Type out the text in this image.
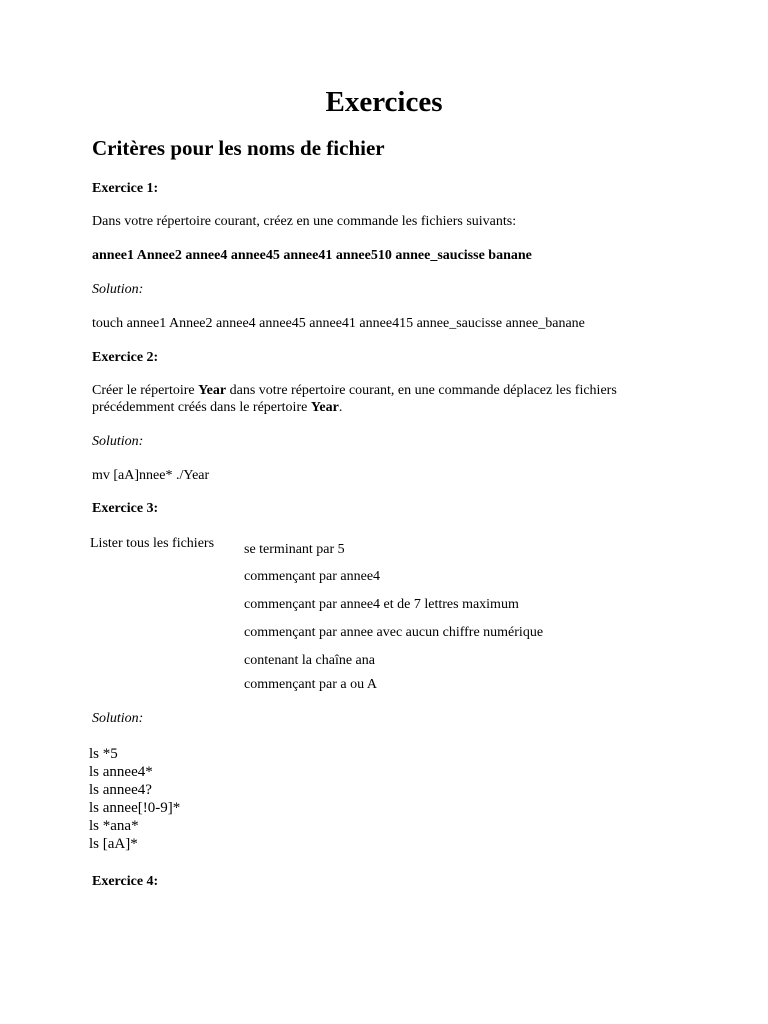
Exercices
Critères pour les noms de fichier
Exercice 1:
Dans votre répertoire courant, créez en une commande les fichiers suivants:
annee1 Annee2 annee4 annee45 annee41 annee510 annee_saucisse banane
Solution:
touch annee1 Annee2 annee4 annee45 annee41 annee415 annee_saucisse annee_banane
Exercice 2:
Créer le répertoire Year dans votre répertoire courant, en une commande déplacez les fichiers
précédemment créés dans le répertoire Year.
Solution:
mv [aA]nnee* ./Year
Exercice 3:
Lister tous les fichiers se terminant par 5
commençant par annee4
commençant par annee4 et de 7 lettres maximum
commençant par annee avec aucun chiffre numérique
contenant la chaîne ana
commençant par a ou A
Solution:
ls *5
ls annee4*
ls annee4?
ls annee[!0-9]*
ls *ana*
ls [aA]*
Exercice 4:
